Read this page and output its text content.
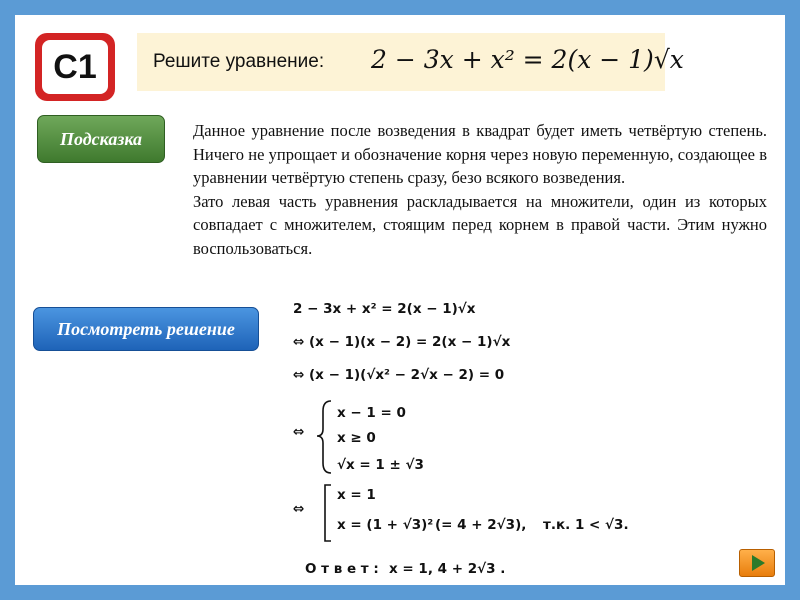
С1	Решите уравнение: 2 − 3x + x² = 2(x − 1)√x
Подсказка	Данное уравнение после возведения в квадрат будет иметь четвёртую степень. Ничего не упрощает и обозначение корня через новую переменную, создающее в уравнении четвёртую степень сразу, безо всякого возведения.

Зато левая часть уравнения раскладывается на множители, один из которых совпадает с множителем, стоящим перед корнем в правой части. Этим нужно воспользоваться.

Посмотреть решение
2 − 3x + x² = 2(x − 1)√x
⇔ (x − 1)(x − 2) = 2(x − 1)√x
⇔ (x − 1)(√x² − 2√x − 2) = 0
⇔
x − 1 = 0
x ≥ 0
√x = 1 ± √3
⇔
x = 1
x = (1 + √3)² (= 4 + 2√3), т.к. 1 < √3.
О т в е т : x = 1, 4 + 2√3 .
